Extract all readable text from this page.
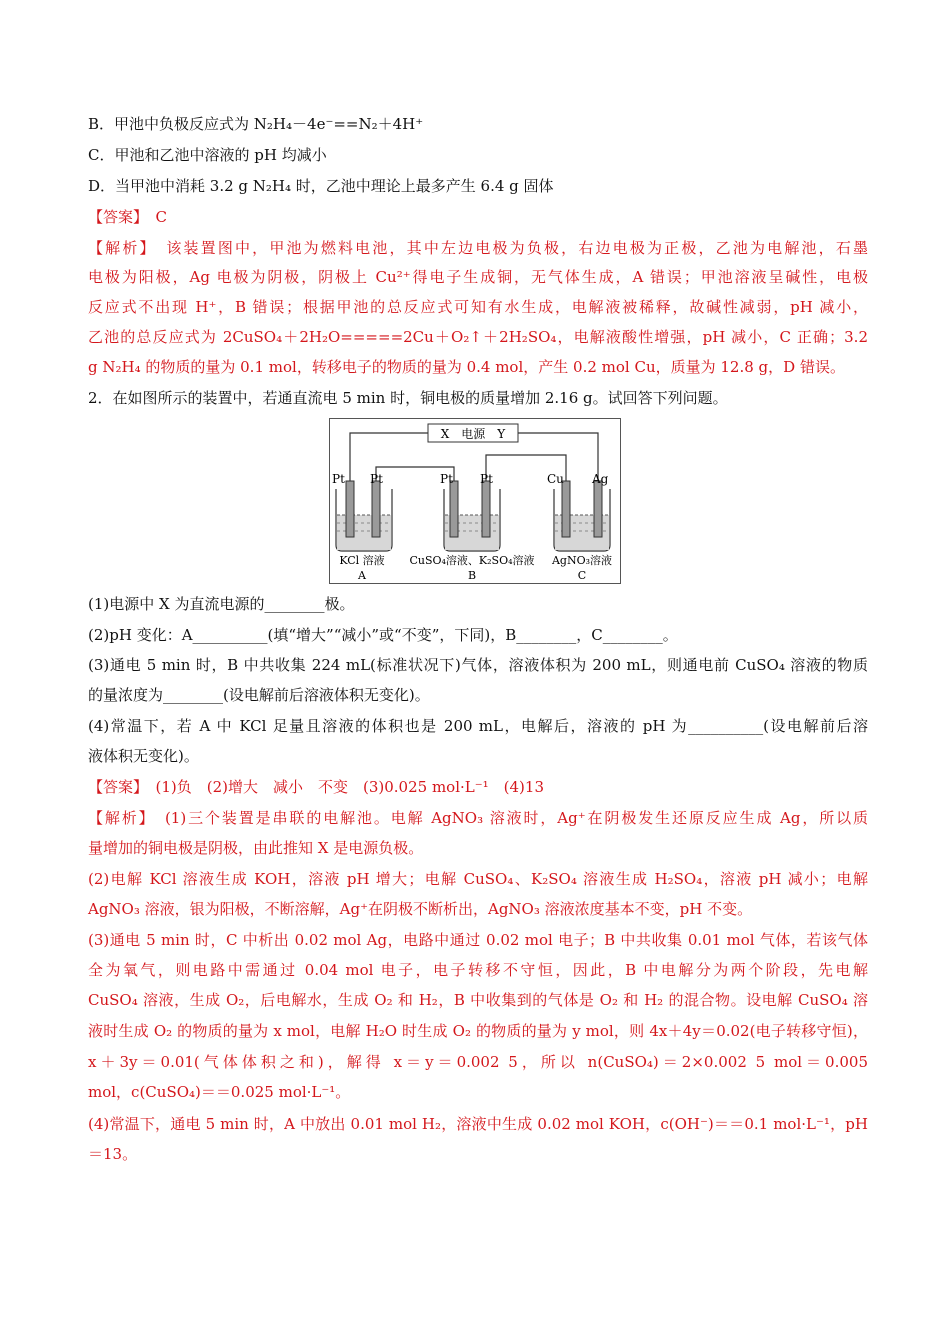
B．甲池中负极反应式为 N₂H₄－4e⁻==N₂＋4H⁺
C．甲池和乙池中溶液的 pH 均减小
D．当甲池中消耗 3.2 g N₂H₄ 时，乙池中理论上最多产生 6.4 g 固体
【答案】　C
【解析】　该装置图中，甲池为燃料电池，其中左边电极为负极，右边电极为正极，乙池为电解池，石墨
电极为阳极，Ag 电极为阴极，阴极上 Cu²⁺得电子生成铜，无气体生成，A 错误；甲池溶液呈碱性，电极
反应式不出现 H⁺，B 错误；根据甲池的总反应式可知有水生成，电解液被稀释，故碱性减弱，pH 减小，
乙池的总反应式为 2CuSO₄＋2H₂O=====2Cu＋O₂↑＋2H₂SO₄，电解液酸性增强，pH 减小，C 正确；3.2
g N₂H₄ 的物质的量为 0.1 mol，转移电子的物质的量为 0.4 mol，产生 0.2 mol Cu，质量为 12.8 g，D 错误。
2．在如图所示的装置中，若通直流电 5 min 时，铜电极的质量增加 2.16 g。试回答下列问题。
X　电源　Y
Pt Pt	Pt Pt	Cu Ag
KCl 溶液 CuSO₄溶液、K₂SO₄溶液 AgNO₃溶液
A	B	C
(1)电源中 X 为直流电源的________极。
(2)pH 变化：A__________(填“增大”“减小”或“不变”，下同)，B________，C________。
(3)通电 5 min 时，B 中共收集 224 mL(标准状况下)气体，溶液体积为 200 mL，则通电前 CuSO₄ 溶液的物质
的量浓度为________(设电解前后溶液体积无变化)。
(4)常温下，若 A 中 KCl 足量且溶液的体积也是 200 mL，电解后，溶液的 pH 为__________(设电解前后溶
液体积无变化)。
【答案】　(1)负　(2)增大　减小　不变　(3)0.025 mol·L⁻¹　(4)13
【解析】　(1)三个装置是串联的电解池。电解 AgNO₃ 溶液时，Ag⁺在阴极发生还原反应生成 Ag，所以质
量增加的铜电极是阴极，由此推知 X 是电源负极。
(2)电解 KCl 溶液生成 KOH，溶液 pH 增大；电解 CuSO₄、K₂SO₄ 溶液生成 H₂SO₄，溶液 pH 减小；电解
AgNO₃ 溶液，银为阳极，不断溶解，Ag⁺在阴极不断析出，AgNO₃ 溶液浓度基本不变，pH 不变。
(3)通电 5 min 时，C 中析出 0.02 mol Ag，电路中通过 0.02 mol 电子；B 中共收集 0.01 mol 气体，若该气体
全为氧气，则电路中需通过 0.04 mol 电子，电子转移不守恒，因此，B 中电解分为两个阶段，先电解
CuSO₄ 溶液，生成 O₂，后电解水，生成 O₂ 和 H₂，B 中收集到的气体是 O₂ 和 H₂ 的混合物。设电解 CuSO₄ 溶
液时生成 O₂ 的物质的量为 x mol，电解 H₂O 时生成 O₂ 的物质的量为 y mol，则 4x＋4y＝0.02(电子转移守恒)，
x＋3y＝0.01(气体体积之和)，解得 x＝y＝0.002 5，所以 n(CuSO₄)＝2×0.002 5 mol＝0.005
mol，c(CuSO₄)＝＝0.025 mol·L⁻¹。
(4)常温下，通电 5 min 时，A 中放出 0.01 mol H₂，溶液中生成 0.02 mol KOH，c(OH⁻)＝＝0.1 mol·L⁻¹，pH
＝13。
